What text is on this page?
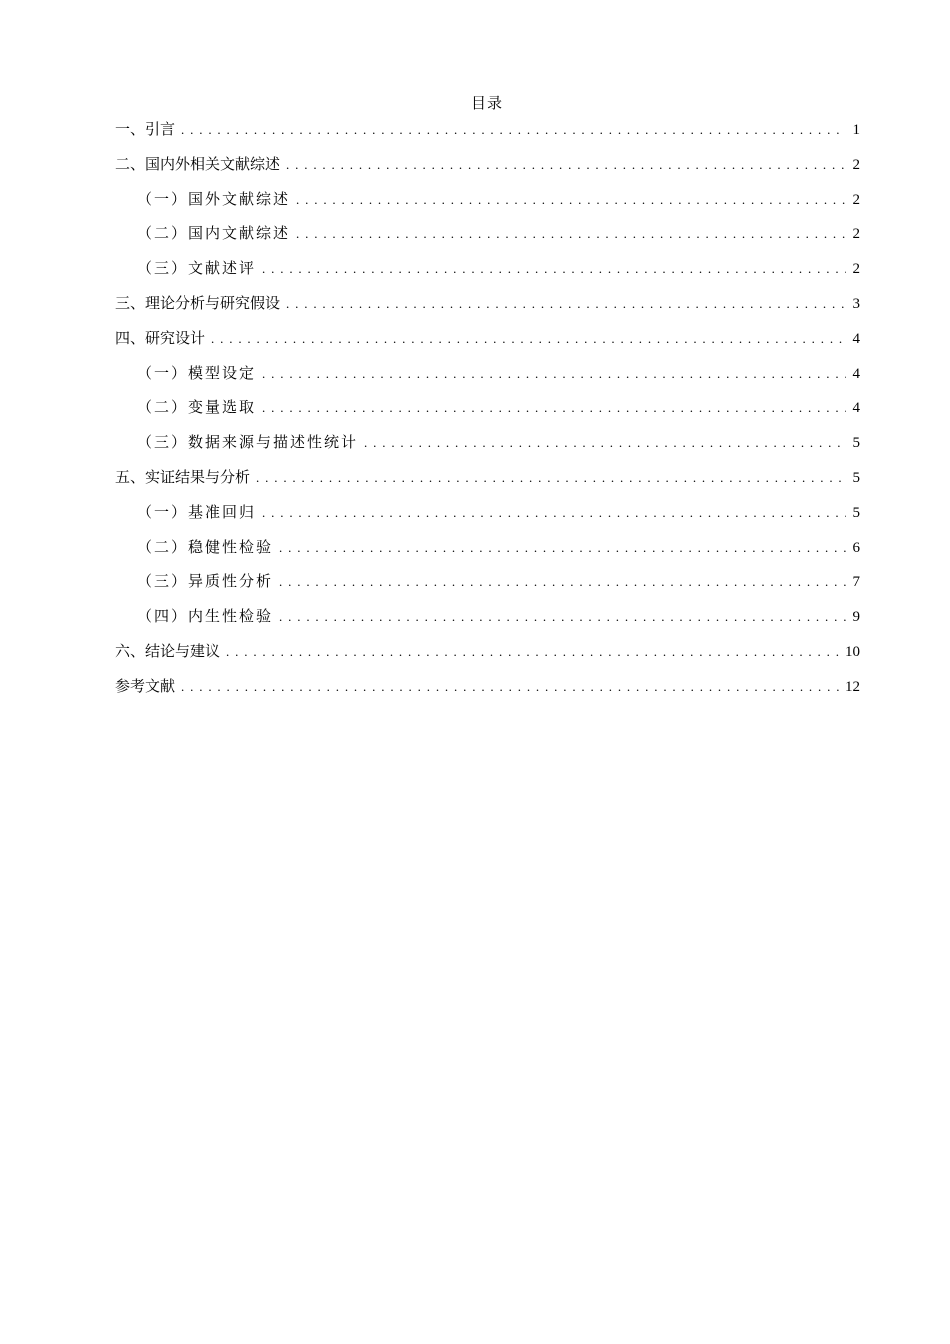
目录
一、引言 . . .	1
二、国内外相关文献综述 . . .	2
（一）国外文献综述 . . .	2
（二）国内文献综述 . . .	2
（三）文献述评 . . .	2
三、理论分析与研究假设 . . .	3
四、研究设计 . . .	4
（一）模型设定 . . .	4
（二）变量选取 . . .	4
（三）数据来源与描述性统计 . . .	5
五、实证结果与分析 . . .	5
（一）基准回归 . . .	5
（二）稳健性检验 . . .	6
（三）异质性分析 . . .	7
（四）内生性检验 . . .	9
六、结论与建议 . . .	10
参考文献 . . .	12
